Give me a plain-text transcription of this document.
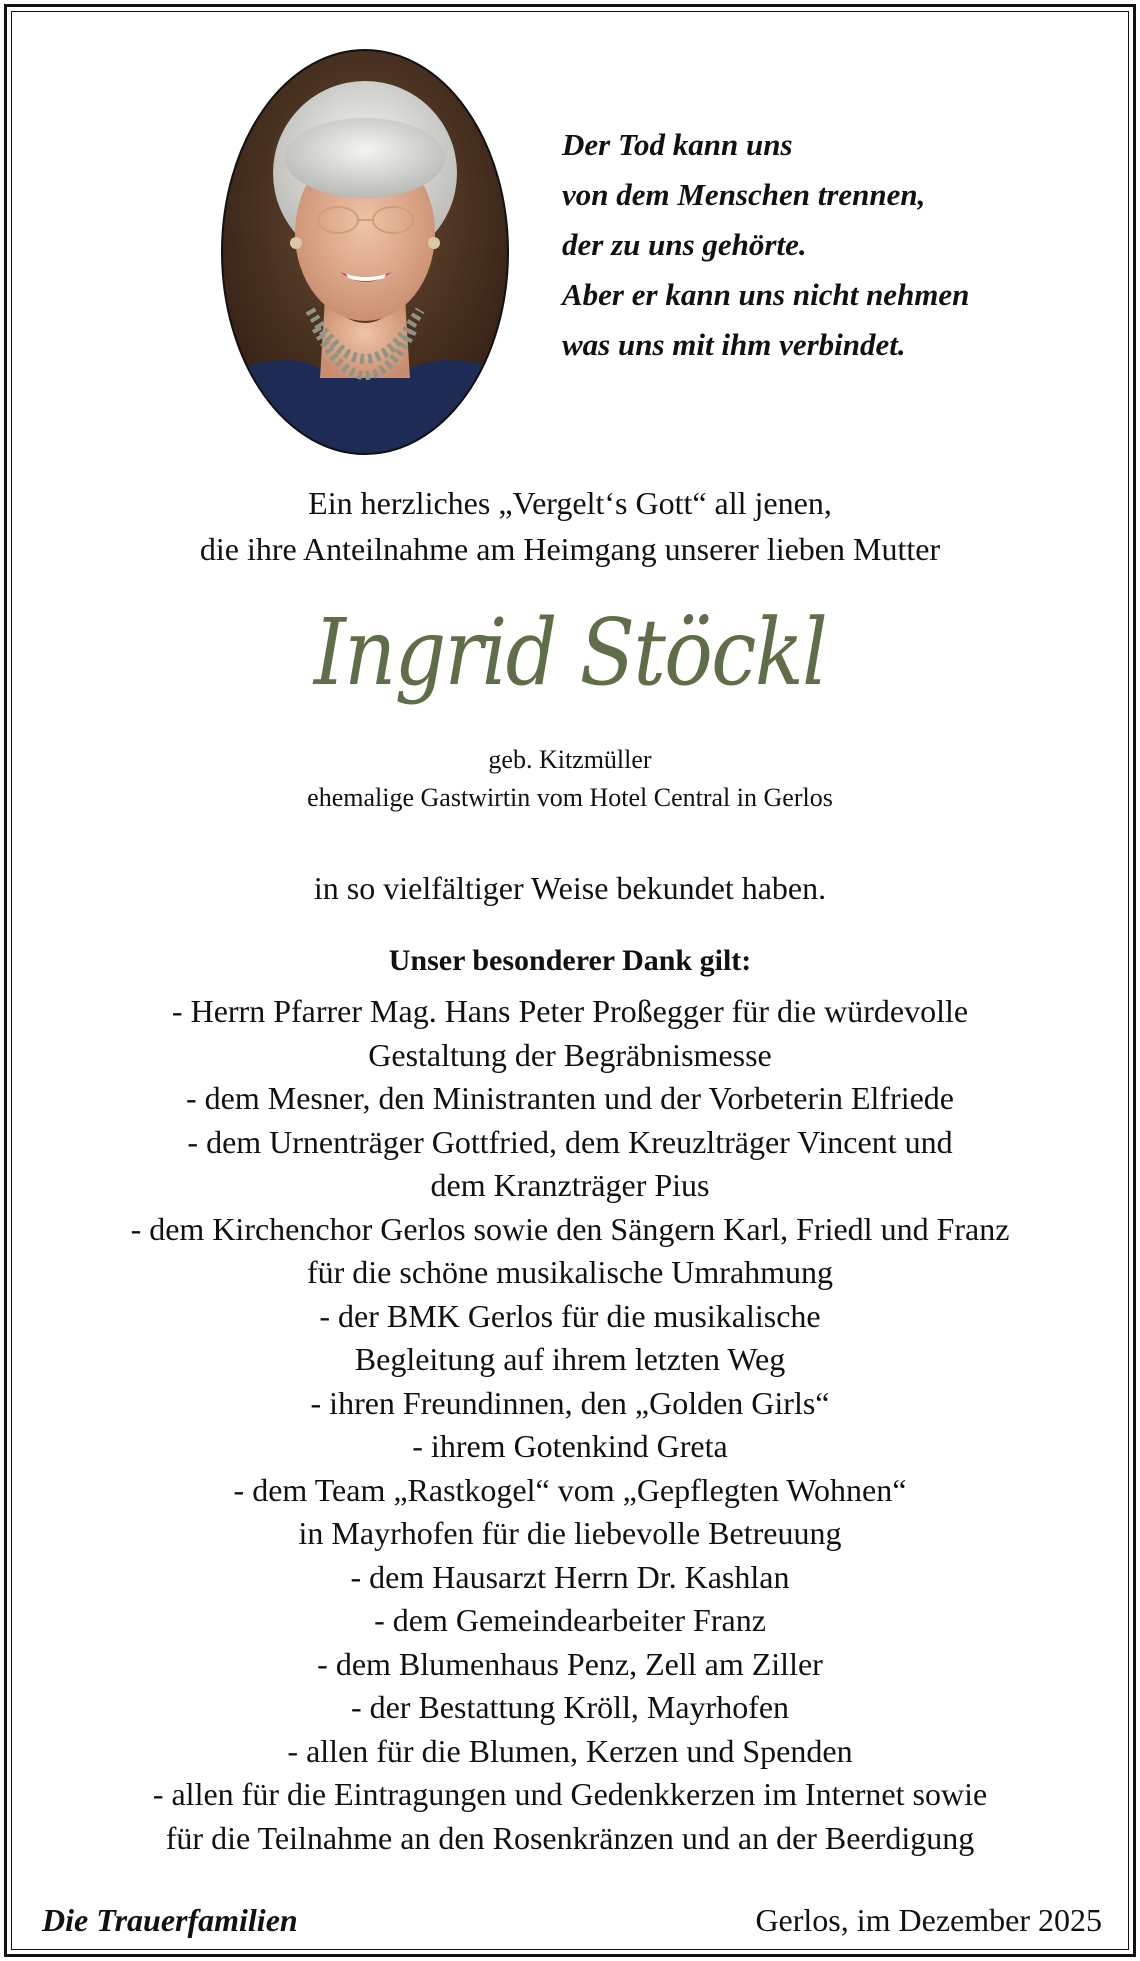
Der Tod kann uns
von dem Menschen trennen,
der zu uns gehörte.
Aber er kann uns nicht nehmen
was uns mit ihm verbindet.
Ein herzliches „Vergelt‘s Gott“ all jenen,
die ihre Anteilnahme am Heimgang unserer lieben Mutter
Ingrid Stöckl
geb. Kitzmüller
ehemalige Gastwirtin vom Hotel Central in Gerlos
in so vielfältiger Weise bekundet haben.
Unser besonderer Dank gilt:
- Herrn Pfarrer Mag. Hans Peter Proßegger für die würdevolle
Gestaltung der Begräbnismesse
- dem Mesner, den Ministranten und der Vorbeterin Elfriede
- dem Urnenträger Gottfried, dem Kreuzlträger Vincent und
dem Kranzträger Pius
- dem Kirchenchor Gerlos sowie den Sängern Karl, Friedl und Franz
für die schöne musikalische Umrahmung
- der BMK Gerlos für die musikalische
Begleitung auf ihrem letzten Weg
- ihren Freundinnen, den „Golden Girls“
- ihrem Gotenkind Greta
- dem Team „Rastkogel“ vom „Gepflegten Wohnen“
in Mayrhofen für die liebevolle Betreuung
- dem Hausarzt Herrn Dr. Kashlan
- dem Gemeindearbeiter Franz
- dem Blumenhaus Penz, Zell am Ziller
- der Bestattung Kröll, Mayrhofen
- allen für die Blumen, Kerzen und Spenden
- allen für die Eintragungen und Gedenkkerzen im Internet sowie
für die Teilnahme an den Rosenkränzen und an der Beerdigung
Die Trauerfamilien	Gerlos, im Dezember 2025
